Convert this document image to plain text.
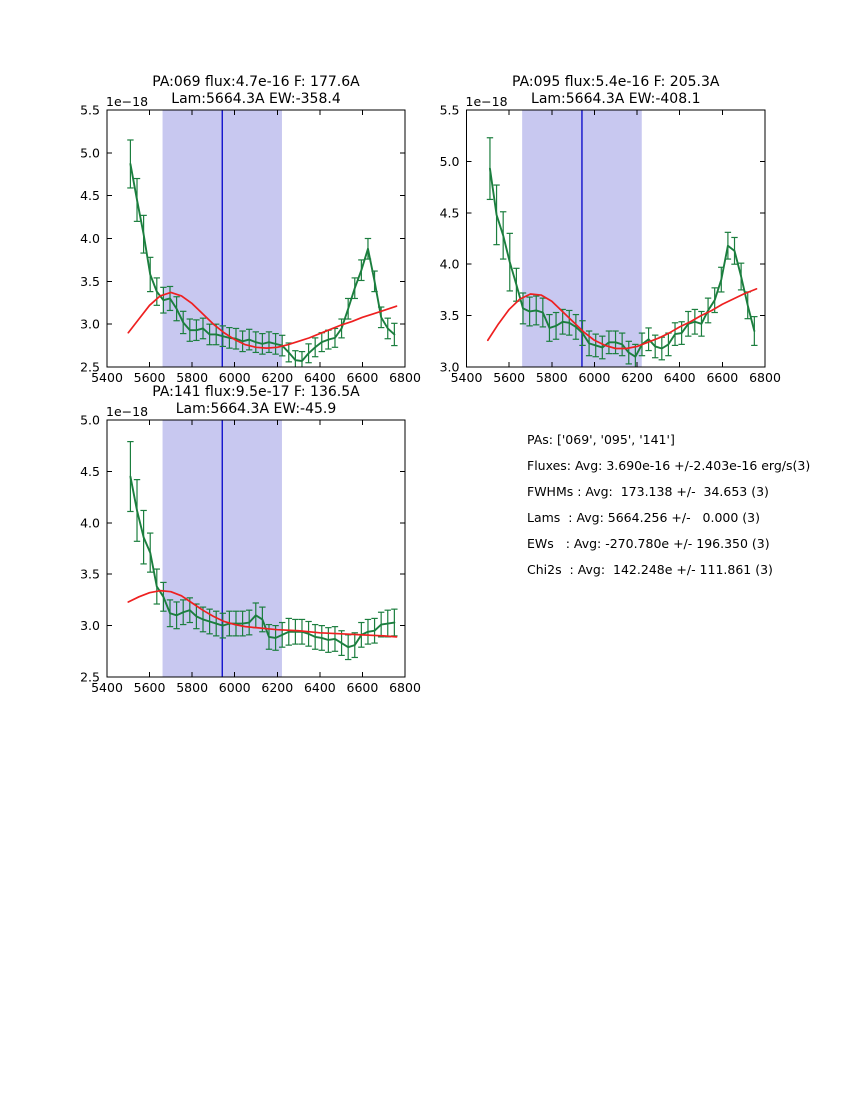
5400 5600 5800 6000 6200 6400 6600 6800
2.5
3.0
3.5
4.0
4.5
5.0
5.5
PA:069 flux:4.7e-16 F: 177.6A
Lam:5664.3A EW:-358.4
1e−18
5400 5600 5800 6000 6200 6400 6600 6800
3.0
3.5
4.0
4.5
5.0
5.5
PA:095 flux:5.4e-16 F: 205.3A
Lam:5664.3A EW:-408.1
1e−18
5400 5600 5800 6000 6200 6400 6600 6800
2.5
3.0
3.5
4.0
4.5
5.0
PA:141 flux:9.5e-17 F: 136.5A
Lam:5664.3A EW:-45.9
1e−18
PAs: ['069', '095', '141']
Fluxes: Avg: 3.690e-16 +/-2.403e-16 erg/s(3)
FWHMs : Avg:  173.138 +/-  34.653 (3)
Lams  : Avg: 5664.256 +/-   0.000 (3)
EWs   : Avg: -270.780e +/- 196.350 (3)
Chi2s  : Avg:  142.248e +/- 111.861 (3)
